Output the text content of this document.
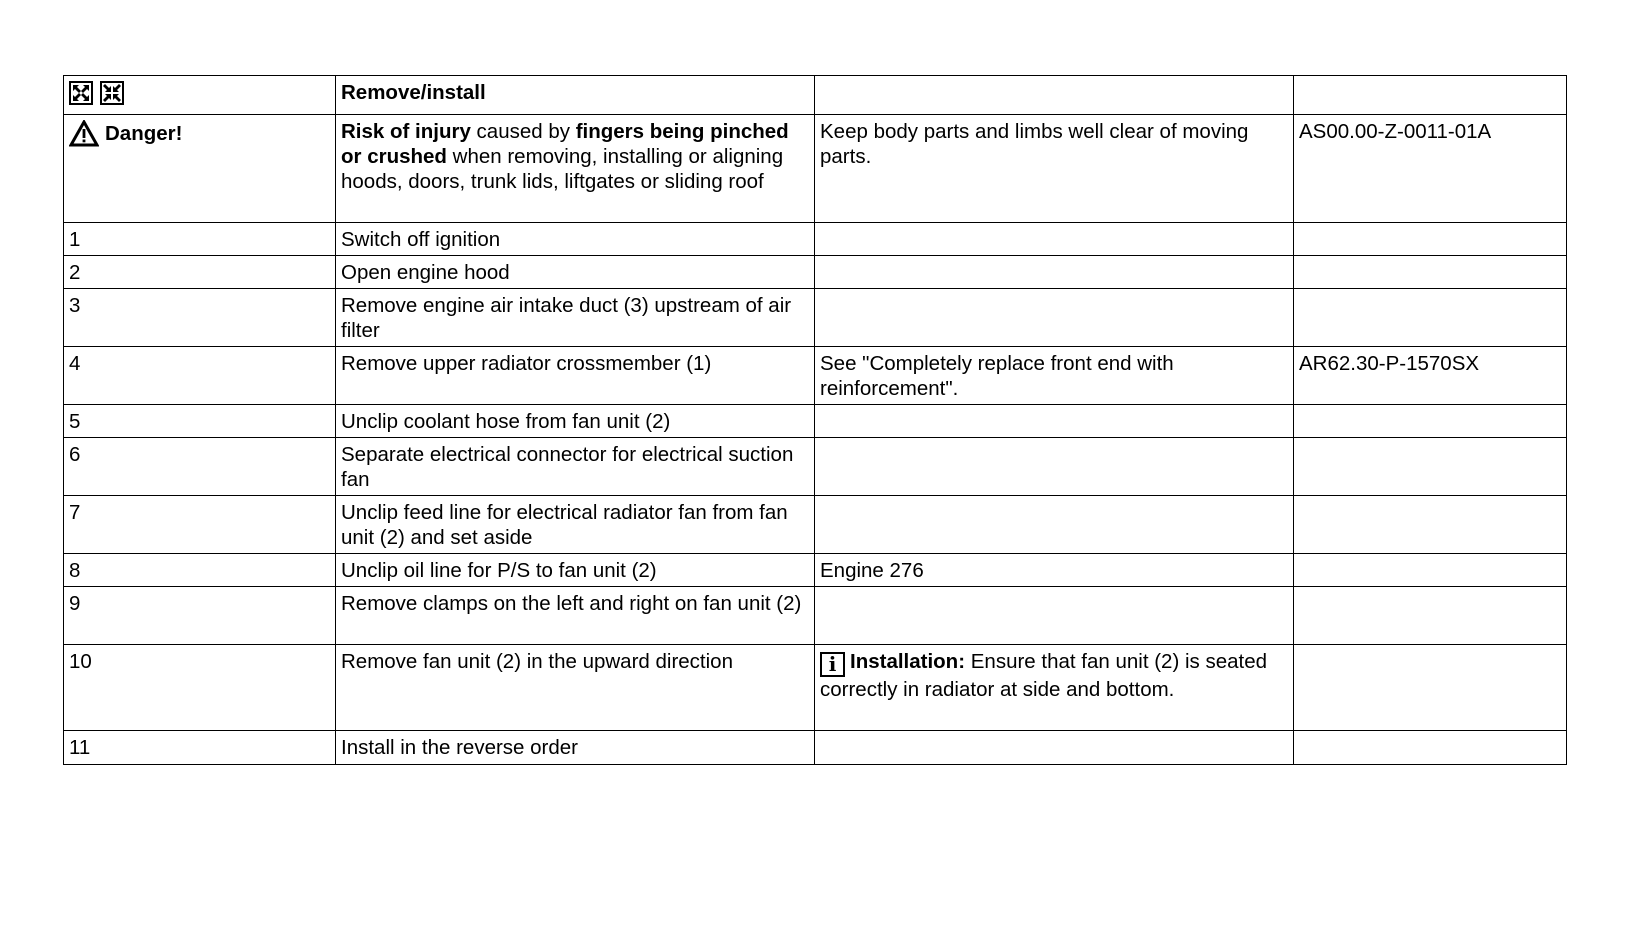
	Remove/install		

Danger!	Risk of injury caused by fingers being pinched or crushed when removing, installing or aligning hoods, doors, trunk lids, liftgates or sliding roof	Keep body parts and limbs well clear of moving parts.	AS00.00-Z-0011-01A
1	Switch off ignition		
2	Open engine hood		
3	Remove engine air intake duct (3) upstream of air filter		
4	Remove upper radiator crossmember (1)	See "Completely replace front end with reinforcement".	AR62.30-P-1570SX
5	Unclip coolant hose from fan unit (2)		
6	Separate electrical connector for electrical suction fan		
7	Unclip feed line for electrical radiator fan from fan unit (2) and set aside		
8	Unclip oil line for P/S to fan unit (2)	Engine 276	
9	Remove clamps on the left and right on fan unit (2)		
10	Remove fan unit (2) in the upward direction	i Installation: Ensure that fan unit (2) is seated correctly in radiator at side and bottom.	
11	Install in the reverse order		
